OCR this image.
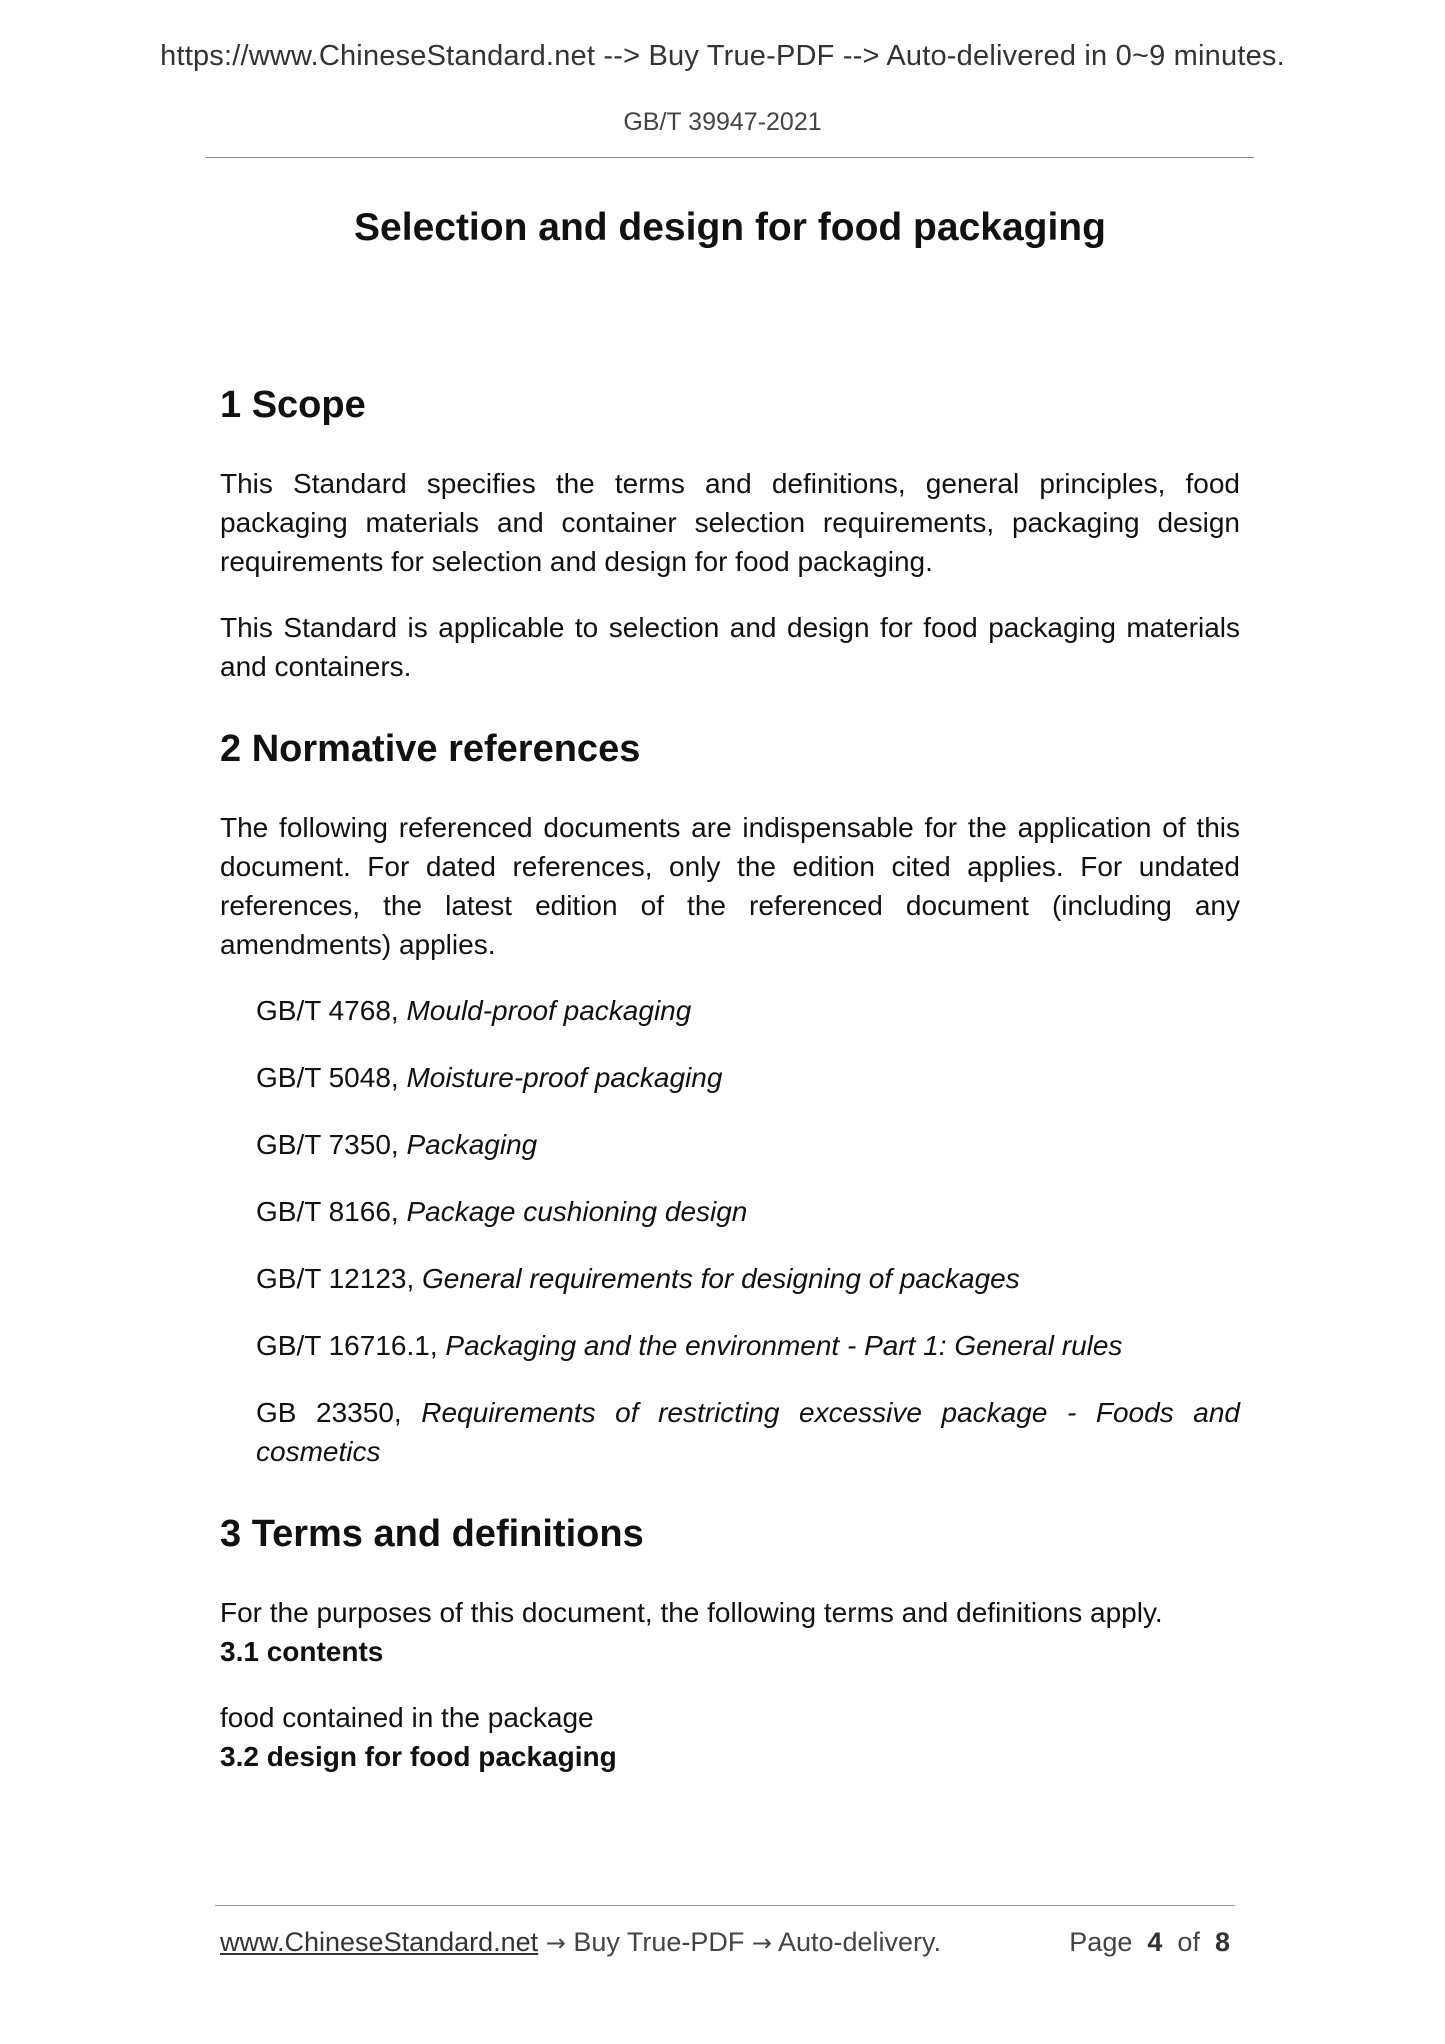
https://www.ChineseStandard.net --> Buy True-PDF --> Auto-delivered in 0~9 minutes.
GB/T 39947-2021
Selection and design for food packaging
1 Scope

This Standard specifies the terms and definitions, general principles, food packaging materials and container selection requirements, packaging design requirements for selection and design for food packaging.

This Standard is applicable to selection and design for food packaging materials and containers.

2 Normative references

The following referenced documents are indispensable for the application of this document. For dated references, only the edition cited applies. For undated references, the latest edition of the referenced document (including any amendments) applies.

GB/T 4768, Mould-proof packaging

GB/T 5048, Moisture-proof packaging

GB/T 7350, Packaging

GB/T 8166, Package cushioning design

GB/T 12123, General requirements for designing of packages

GB/T 16716.1, Packaging and the environment - Part 1: General rules

GB 23350, Requirements of restricting excessive package - Foods and cosmetics

3 Terms and definitions

For the purposes of this document, the following terms and definitions apply.

3.1 contents

food contained in the package

3.2 design for food packaging

www.ChineseStandard.net → Buy True-PDF → Auto-delivery.	Page 4 of 8
